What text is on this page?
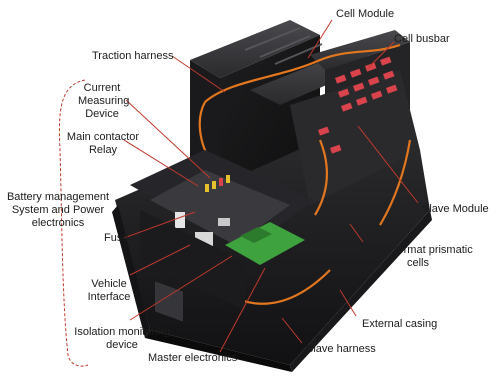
Cell Module
Cell busbar
Traction harness
Current
Measuring
Device
Main contactor
Relay
Battery management
System and Power
electronics
Fuse
Vehicle
Interface
Isolation monitoring
device
Master electronics
Slave harness
External casing
Large format prismatic
cells
Slave Module
